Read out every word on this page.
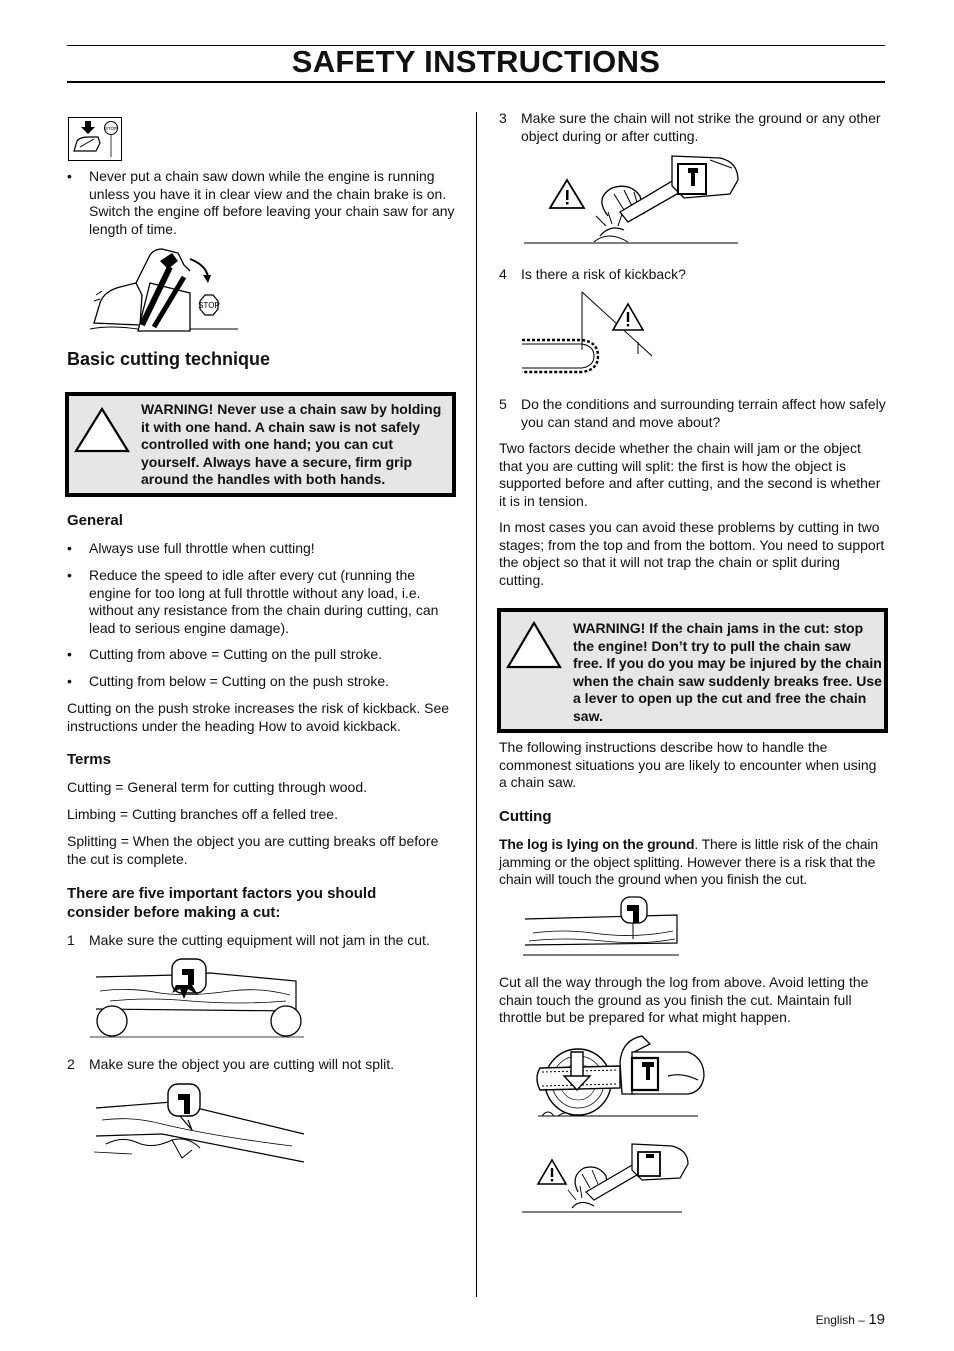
SAFETY INSTRUCTIONS
STOP
• Never put a chain saw down while the engine is running unless you have it in clear view and the chain brake is on. Switch the engine off before leaving your chain saw for any length of time.
STOP
Basic cutting technique
WARNING! Never use a chain saw by holding it with one hand. A chain saw is not safely controlled with one hand; you can cut yourself. Always have a secure, firm grip around the handles with both hands.
General
• Always use full throttle when cutting!
• Reduce the speed to idle after every cut (running the engine for too long at full throttle without any load, i.e. without any resistance from the chain during cutting, can lead to serious engine damage).
• Cutting from above = Cutting on the pull stroke.
• Cutting from below = Cutting on the push stroke.

Cutting on the push stroke increases the risk of kickback. See instructions under the heading How to avoid kickback.

Terms

Cutting = General term for cutting through wood.

Limbing = Cutting branches off a felled tree.

Splitting = When the object you are cutting breaks off before the cut is complete.

There are five important factors you should consider before making a cut:
1 Make sure the cutting equipment will not jam in the cut.
2 Make sure the object you are cutting will not split.
3 Make sure the chain will not strike the ground or any other object during or after cutting.
4 Is there a risk of kickback?
5 Do the conditions and surrounding terrain affect how safely you can stand and move about?

Two factors decide whether the chain will jam or the object that you are cutting will split: the first is how the object is supported before and after cutting, and the second is whether it is in tension.

In most cases you can avoid these problems by cutting in two stages; from the top and from the bottom. You need to support the object so that it will not trap the chain or split during cutting.

WARNING! If the chain jams in the cut: stop the engine! Don’t try to pull the chain saw free. If you do you may be injured by the chain when the chain saw suddenly breaks free. Use a lever to open up the cut and free the chain saw.

The following instructions describe how to handle the commonest situations you are likely to encounter when using a chain saw.

Cutting

The log is lying on the ground. There is little risk of the chain jamming or the object splitting. However there is a risk that the chain will touch the ground when you finish the cut.

Cut all the way through the log from above. Avoid letting the chain touch the ground as you finish the cut. Maintain full throttle but be prepared for what might happen.

English – 19
